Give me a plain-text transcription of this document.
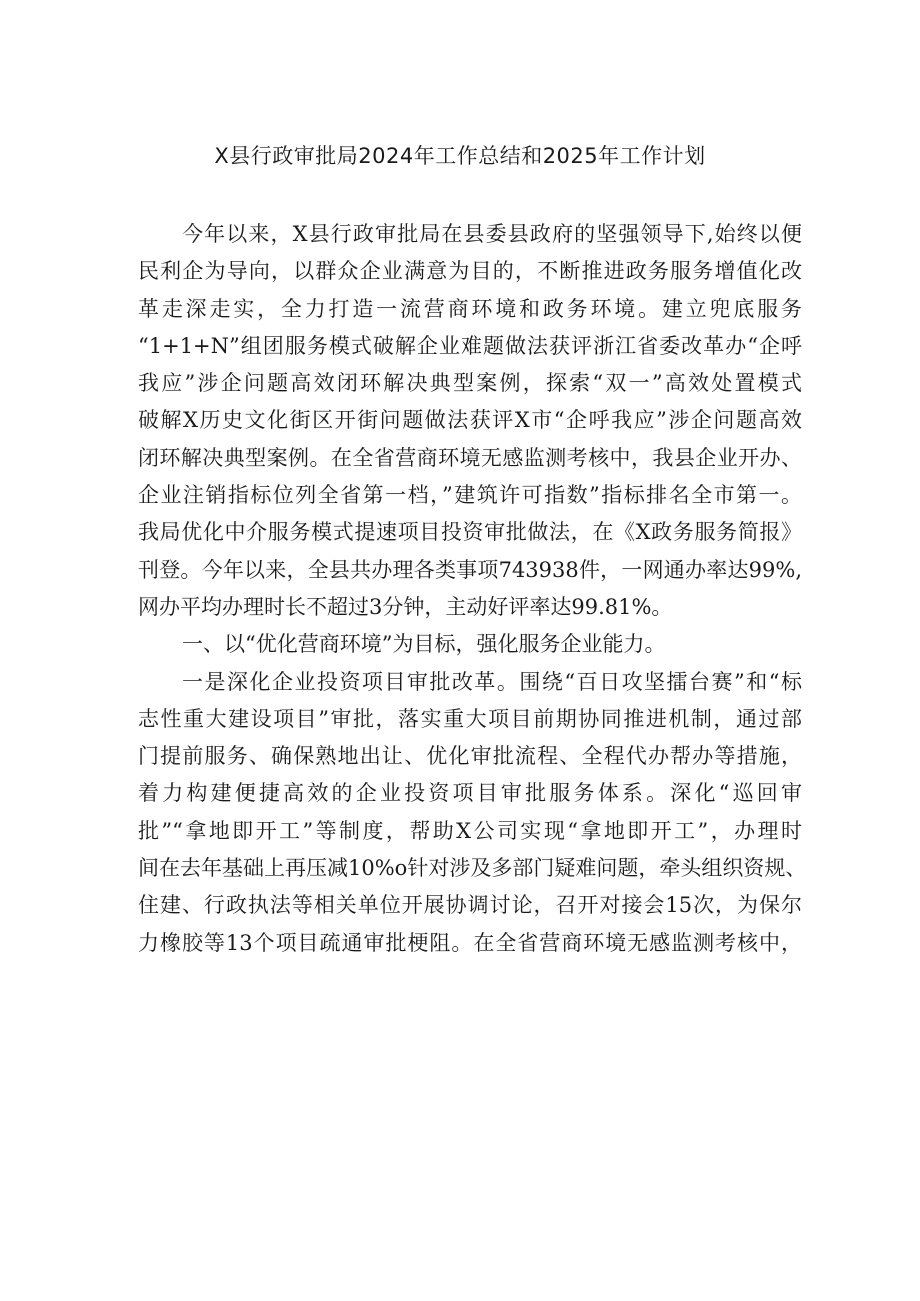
X县行政审批局2024年工作总结和2025年工作计划
今年以来，X县行政审批局在县委县政府的坚强领导下,始终以便
民利企为导向，以群众企业满意为目的，不断推进政务服务增值化改
革走深走实，全力打造一流营商环境和政务环境。建立兜底服务
“1+1+N”组团服务模式破解企业难题做法获评浙江省委改革办“企呼
我应”涉企问题高效闭环解决典型案例，探索“双一”高效处置模式
破解X历史文化街区开街问题做法获评X市“企呼我应”涉企问题高效
闭环解决典型案例。在全省营商环境无感监测考核中，我县企业开办、
企业注销指标位列全省第一档，”建筑许可指数”指标排名全市第一。
我局优化中介服务模式提速项目投资审批做法，在《X政务服务简报》
刊登。今年以来，全县共办理各类事项743938件，一网通办率达99%,
网办平均办理时长不超过3分钟，主动好评率达99.81%。
一、以“优化营商环境”为目标，强化服务企业能力。
一是深化企业投资项目审批改革。围绕“百日攻坚擂台赛”和“标
志性重大建设项目”审批，落实重大项目前期协同推进机制，通过部
门提前服务、确保熟地出让、优化审批流程、全程代办帮办等措施，
着力构建便捷高效的企业投资项目审批服务体系。深化“巡回审
批”“拿地即开工”等制度，帮助X公司实现“拿地即开工”，办理时
间在去年基础上再压减10%o针对涉及多部门疑难问题，牵头组织资规、
住建、行政执法等相关单位开展协调讨论，召开对接会15次，为保尔
力橡胶等13个项目疏通审批梗阻。在全省营商环境无感监测考核中，
